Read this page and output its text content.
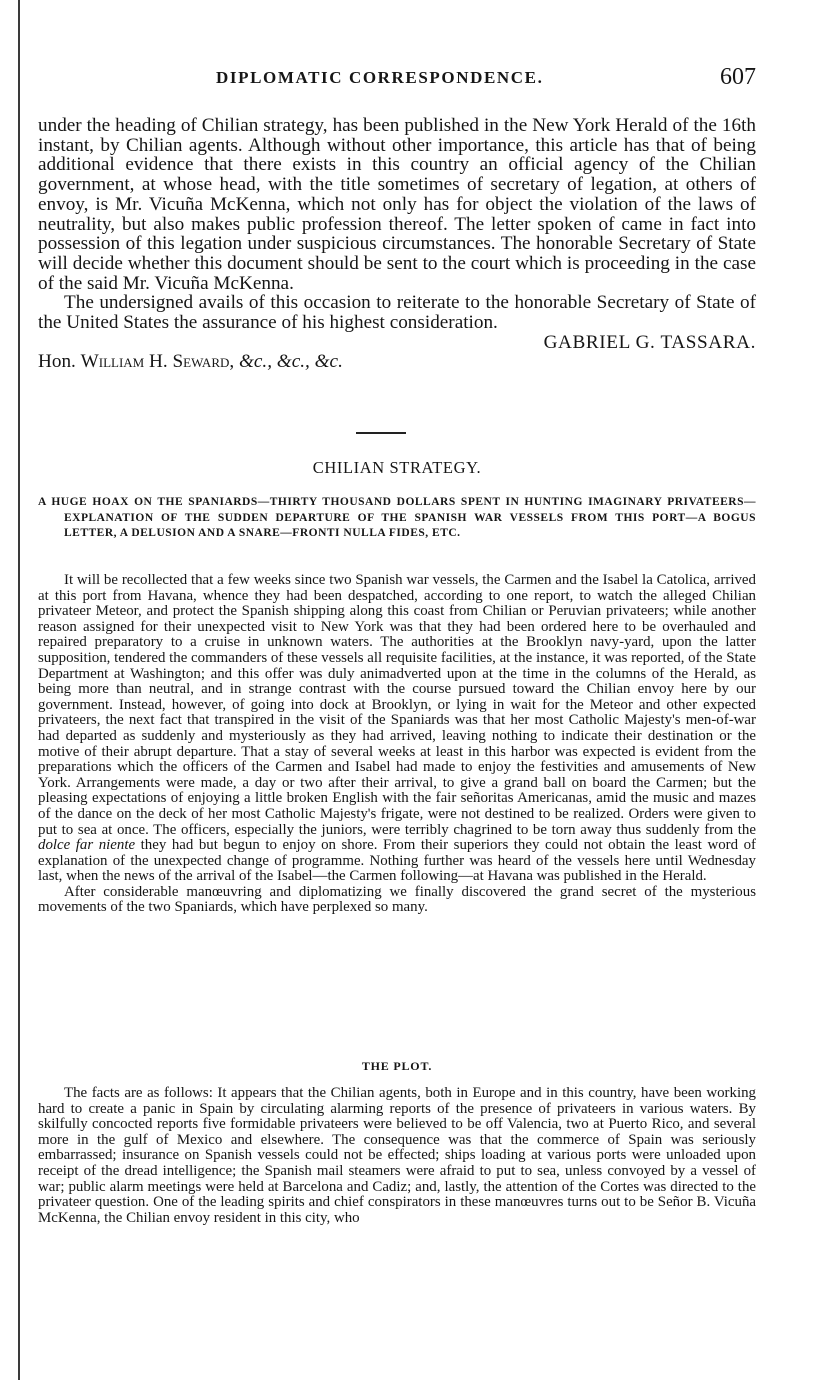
DIPLOMATIC CORRESPONDENCE.	607

under the heading of Chilian strategy, has been published in the New York Herald of the 16th instant, by Chilian agents. Although without other importance, this article has that of being additional evidence that there exists in this country an official agency of the Chilian government, at whose head, with the title sometimes of secretary of legation, at others of envoy, is Mr. Vicuña McKenna, which not only has for object the violation of the laws of neutrality, but also makes public profession thereof. The letter spoken of came in fact into possession of this legation under suspicious circumstances. The honorable Secretary of State will decide whether this document should be sent to the court which is proceeding in the case of the said Mr. Vicuña McKenna.

The undersigned avails of this occasion to reiterate to the honorable Secretary of State of the United States the assurance of his highest consideration.

GABRIEL G. TASSARA.

Hon. William H. Seward, &c., &c., &c.

CHILIAN STRATEGY.

A HUGE HOAX ON THE SPANIARDS—THIRTY THOUSAND DOLLARS SPENT IN HUNTING IMAGINARY PRIVATEERS—EXPLANATION OF THE SUDDEN DEPARTURE OF THE SPANISH WAR VESSELS FROM THIS PORT—A BOGUS LETTER, A DELUSION AND A SNARE—FRONTI NULLA FIDES, ETC.

It will be recollected that a few weeks since two Spanish war vessels, the Carmen and the Isabel la Catolica, arrived at this port from Havana, whence they had been despatched, according to one report, to watch the alleged Chilian privateer Meteor, and protect the Spanish shipping along this coast from Chilian or Peruvian privateers; while another reason assigned for their unexpected visit to New York was that they had been ordered here to be overhauled and repaired preparatory to a cruise in unknown waters. The authorities at the Brooklyn navy-yard, upon the latter supposition, tendered the commanders of these vessels all requisite facilities, at the instance, it was reported, of the State Department at Washington; and this offer was duly animadverted upon at the time in the columns of the Herald, as being more than neutral, and in strange contrast with the course pursued toward the Chilian envoy here by our government. Instead, however, of going into dock at Brooklyn, or lying in wait for the Meteor and other expected privateers, the next fact that transpired in the visit of the Spaniards was that her most Catholic Majesty's men-of-war had departed as suddenly and mysteriously as they had arrived, leaving nothing to indicate their destination or the motive of their abrupt departure. That a stay of several weeks at least in this harbor was expected is evident from the preparations which the officers of the Carmen and Isabel had made to enjoy the festivities and amusements of New York. Arrangements were made, a day or two after their arrival, to give a grand ball on board the Carmen; but the pleasing expectations of enjoying a little broken English with the fair señoritas Americanas, amid the music and mazes of the dance on the deck of her most Catholic Majesty's frigate, were not destined to be realized. Orders were given to put to sea at once. The officers, especially the juniors, were terribly chagrined to be torn away thus suddenly from the dolce far niente they had but begun to enjoy on shore. From their superiors they could not obtain the least word of explanation of the unexpected change of programme. Nothing further was heard of the vessels here until Wednesday last, when the news of the arrival of the Isabel—the Carmen following—at Havana was published in the Herald.

After considerable manœuvring and diplomatizing we finally discovered the grand secret of the mysterious movements of the two Spaniards, which have perplexed so many.

THE PLOT.

The facts are as follows: It appears that the Chilian agents, both in Europe and in this country, have been working hard to create a panic in Spain by circulating alarming reports of the presence of privateers in various waters. By skilfully concocted reports five formidable privateers were believed to be off Valencia, two at Puerto Rico, and several more in the gulf of Mexico and elsewhere. The consequence was that the commerce of Spain was seriously embarrassed; insurance on Spanish vessels could not be effected; ships loading at various ports were unloaded upon receipt of the dread intelligence; the Spanish mail steamers were afraid to put to sea, unless convoyed by a vessel of war; public alarm meetings were held at Barcelona and Cadiz; and, lastly, the attention of the Cortes was directed to the privateer question. One of the leading spirits and chief conspirators in these manœuvres turns out to be Señor B. Vicuña McKenna, the Chilian envoy resident in this city, who
